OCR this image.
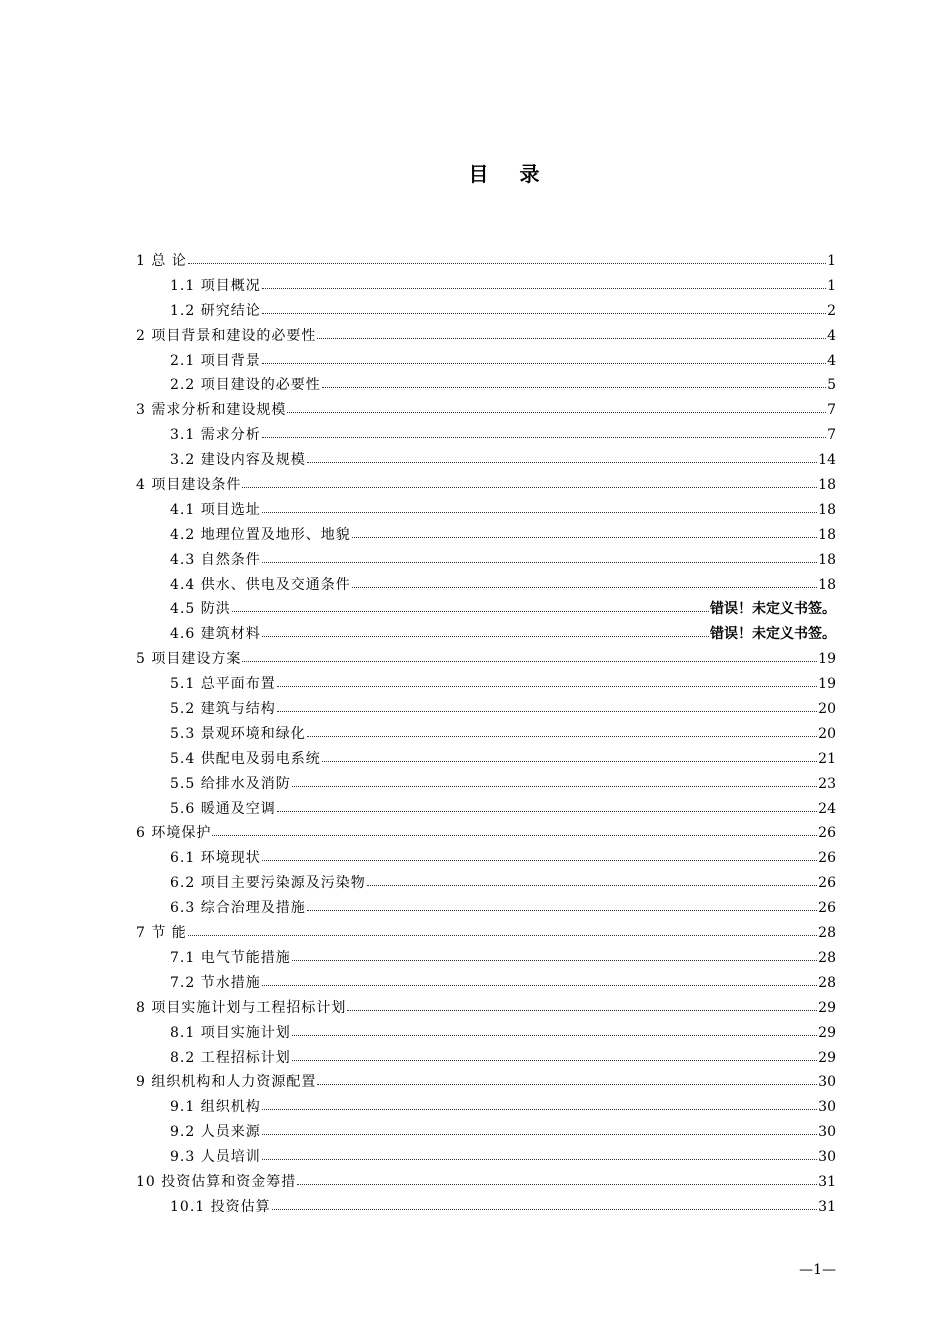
目 录
1 总 论	1
1.1 项目概况	1
1.2 研究结论	2
2 项目背景和建设的必要性	4
2.1 项目背景	4
2.2 项目建设的必要性	5
3 需求分析和建设规模	7
3.1 需求分析	7
3.2 建设内容及规模	14
4 项目建设条件	18
4.1 项目选址	18
4.2 地理位置及地形、地貌	18
4.3 自然条件	18
4.4 供水、供电及交通条件	18
4.5 防洪	错误！未定义书签。
4.6 建筑材料	错误！未定义书签。
5 项目建设方案	19
5.1 总平面布置	19
5.2 建筑与结构	20
5.3 景观环境和绿化	20
5.4 供配电及弱电系统	21
5.5 给排水及消防	23
5.6 暖通及空调	24
6 环境保护	26
6.1 环境现状	26
6.2 项目主要污染源及污染物	26
6.3 综合治理及措施	26
7 节 能	28
7.1 电气节能措施	28
7.2 节水措施	28
8 项目实施计划与工程招标计划	29
8.1 项目实施计划	29
8.2 工程招标计划	29
9 组织机构和人力资源配置	30
9.1 组织机构	30
9.2 人员来源	30
9.3 人员培训	30
10 投资估算和资金筹措	31
10.1 投资估算	31
—1—
